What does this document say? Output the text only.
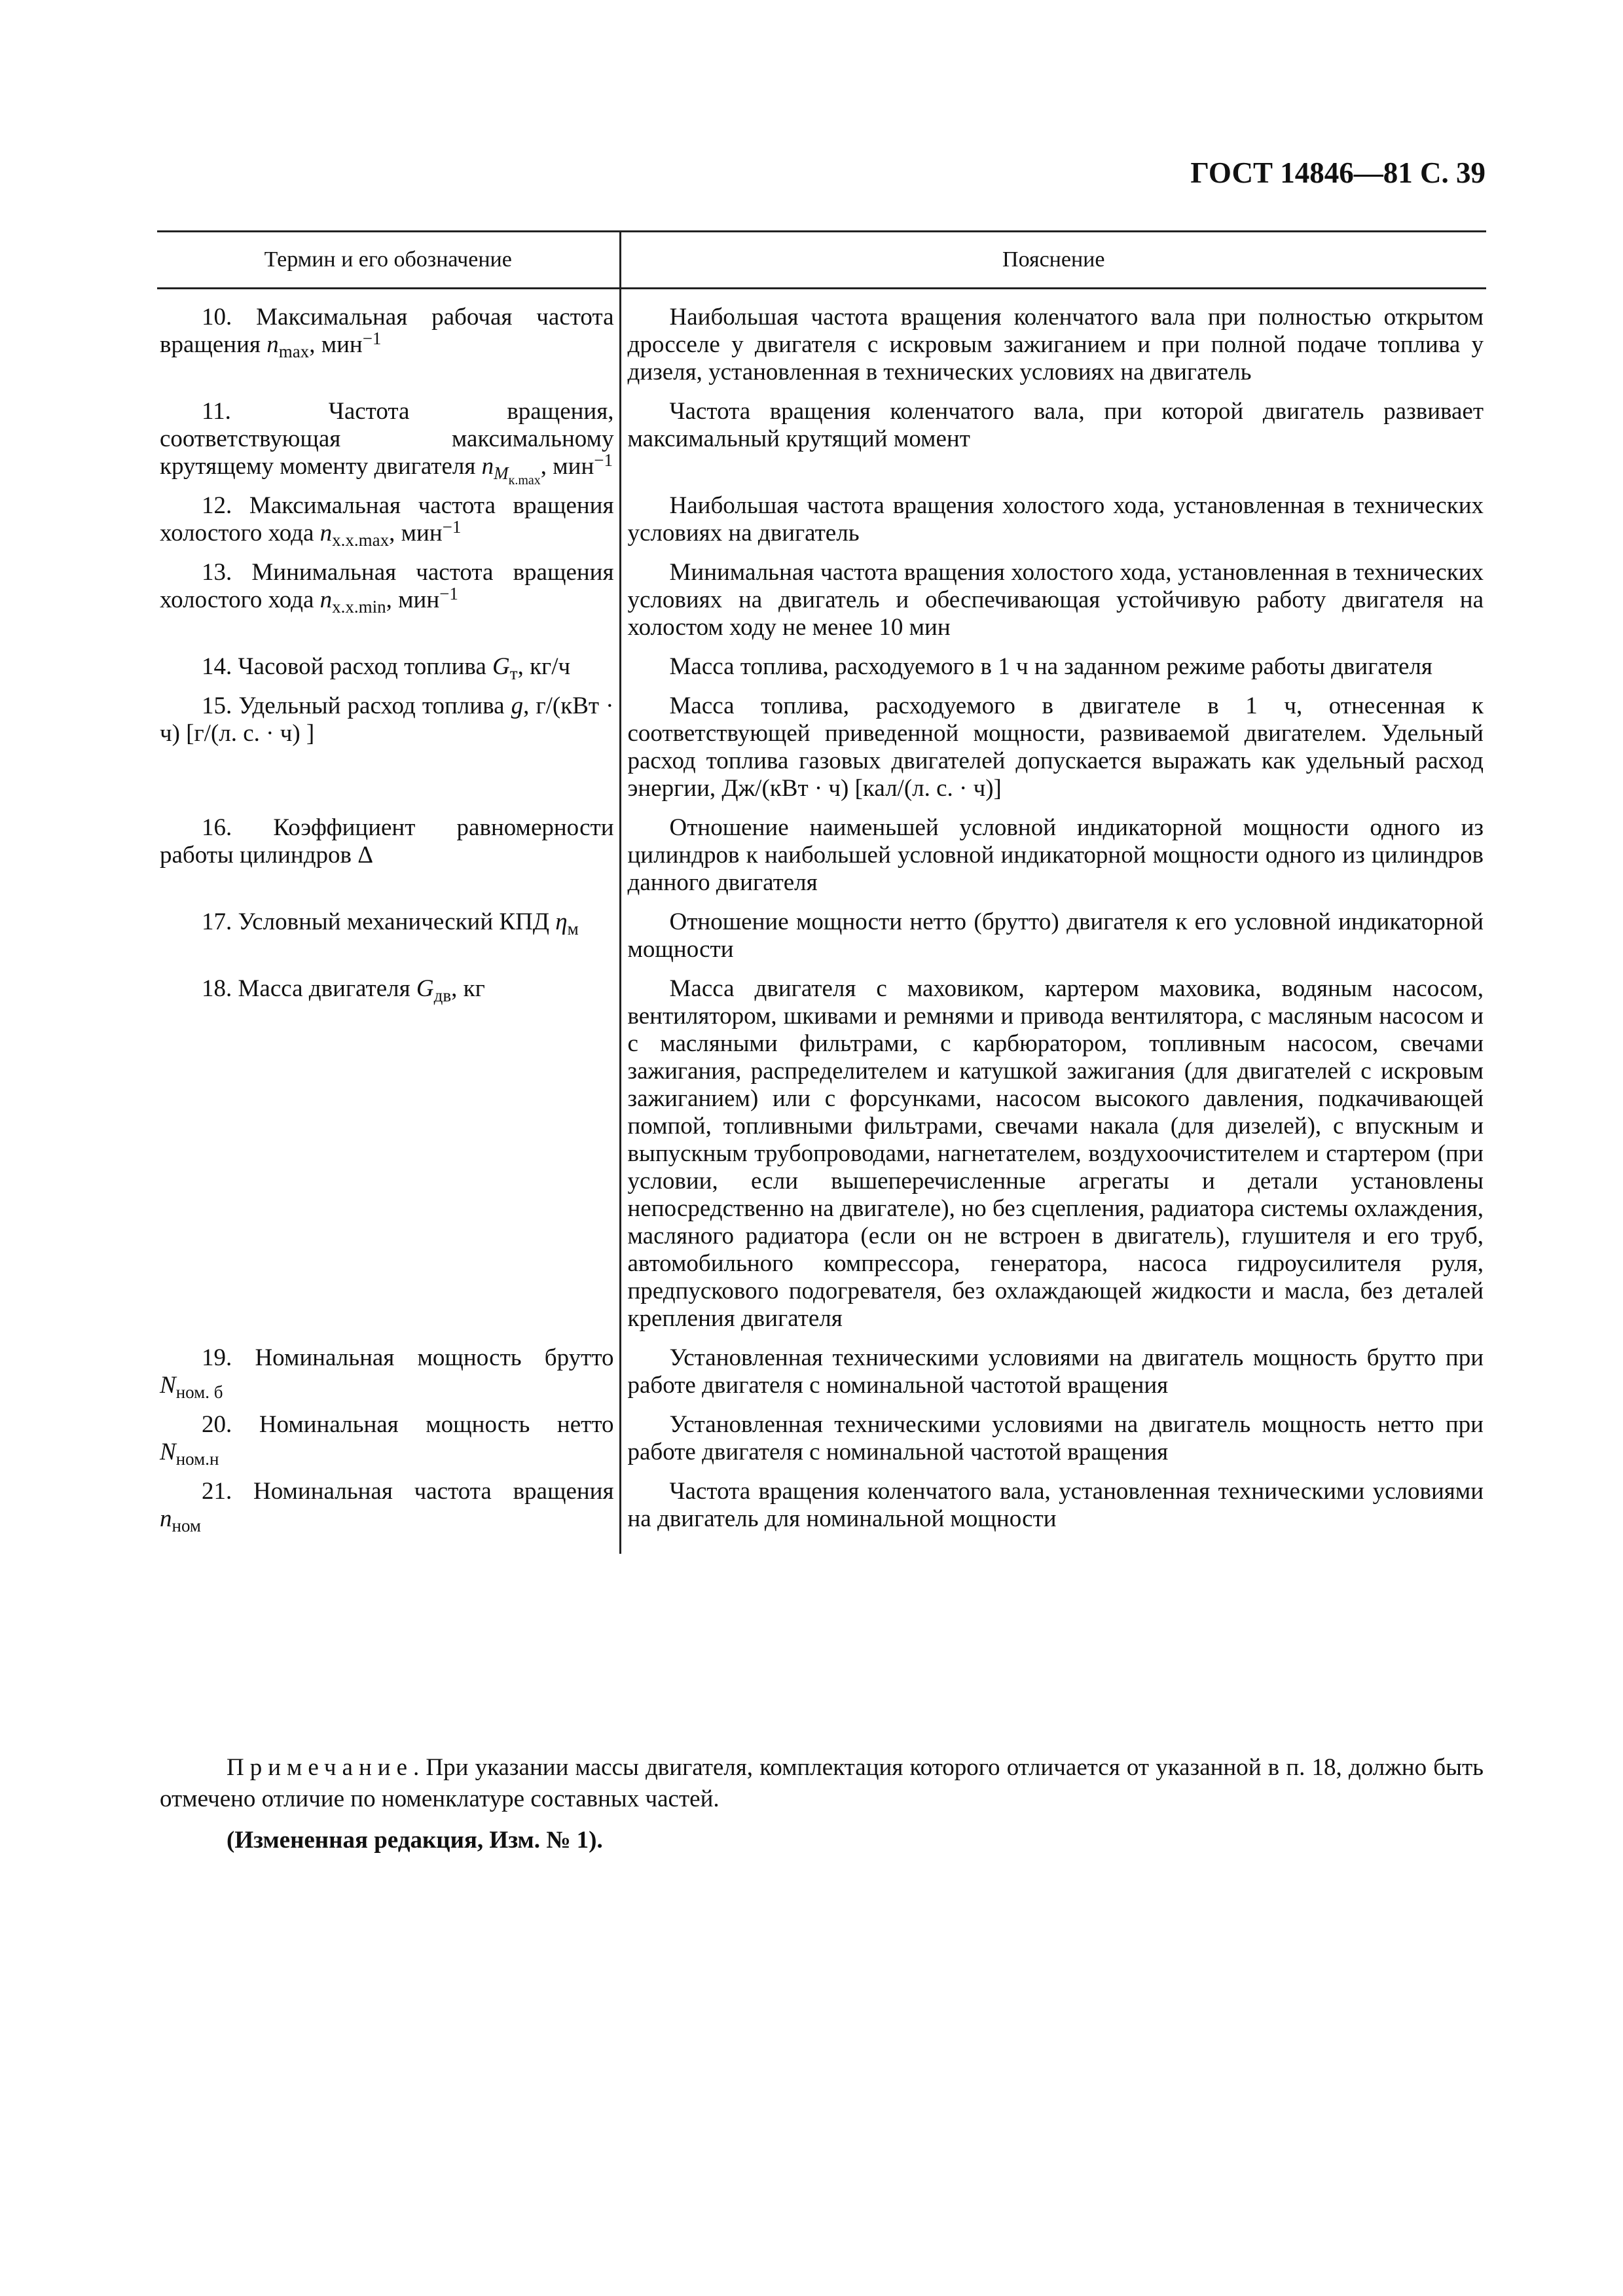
ГОСТ 14846—81 С. 39
Термин и его обозначение	Пояснение
10. Максимальная рабочая частота вращения $n_{max}$, мин$^{-1}$	Наибольшая частота вращения коленчатого вала при полностью открытом дросселе у двигателя с искровым зажиганием и при полной подаче топлива у дизеля, установленная в технических условиях на двигатель
11. Частота вращения, соответствующая максимальному крутящему моменту двигателя $n_{Mк.max}$, мин$^{-1}$	Частота вращения коленчатого вала, при которой двигатель развивает максимальный крутящий момент
12. Максимальная частота вращения холостого хода $n_{x.x.max}$, мин$^{-1}$	Наибольшая частота вращения холостого хода, установленная в технических условиях на двигатель
13. Минимальная частота вращения холостого хода $n_{x.x.min}$, мин$^{-1}$	Минимальная частота вращения холостого хода, установленная в технических условиях на двигатель и обеспечивающая устойчивую работу двигателя на холостом ходу не менее 10 мин
14. Часовой расход топлива $G_т$, кг/ч	Масса топлива, расходуемого в 1 ч на заданном режиме работы двигателя
15. Удельный расход топлива g, г/(кВт · ч) [г/(л. с. · ч) ]	Масса топлива, расходуемого в двигателе в 1 ч, отнесенная к соответствующей приведенной мощности, развиваемой двигателем. Удельный расход топлива газовых двигателей допускается выражать как удельный расход энергии, Дж/(кВт · ч) [кал/(л. с. · ч)]
16. Коэффициент равномерности работы цилиндров Δ	Отношение наименьшей условной индикаторной мощности одного из цилиндров к наибольшей условной индикаторной мощности одного из цилиндров данного двигателя
17. Условный механический КПД $\eta_м$	Отношение мощности нетто (брутто) двигателя к его условной индикаторной мощности
18. Масса двигателя $G_{дв}$, кг	Масса двигателя с маховиком, картером маховика, водяным насосом, вентилятором, шкивами и ремнями и привода вентилятора, с масляным насосом и с масляными фильтрами, с карбюратором, топливным насосом, свечами зажигания, распределителем и катушкой зажигания (для двигателей с искровым зажиганием) или с форсунками, насосом высокого давления, подкачивающей помпой, топливными фильтрами, свечами накала (для дизелей), с впускным и выпускным трубопроводами, нагнетателем, воздухоочистителем и стартером (при условии, если вышеперечисленные агрегаты и детали установлены непосредственно на двигателе), но без сцепления, радиатора системы охлаждения, масляного радиатора (если он не встроен в двигатель), глушителя и его труб, автомобильного компрессора, генератора, насоса гидроусилителя руля, предпускового подогревателя, без охлаждающей жидкости и масла, без деталей крепления двигателя
19. Номинальная мощность брутто $N_{ном. б}$	Установленная техническими условиями на двигатель мощность брутто при работе двигателя с номинальной частотой вращения
20. Номинальная мощность нетто $N_{ном.н}$	Установленная техническими условиями на двигатель мощность нетто при работе двигателя с номинальной частотой вращения
21. Номинальная частота вращения $n_{ном}$	Частота вращения коленчатого вала, установленная техническими условиями на двигатель для номинальной мощности

Примечание. При указании массы двигателя, комплектация которого отличается от указанной в п. 18, должно быть отмечено отличие по номенклатуре составных частей.

(Измененная редакция, Изм. № 1).
